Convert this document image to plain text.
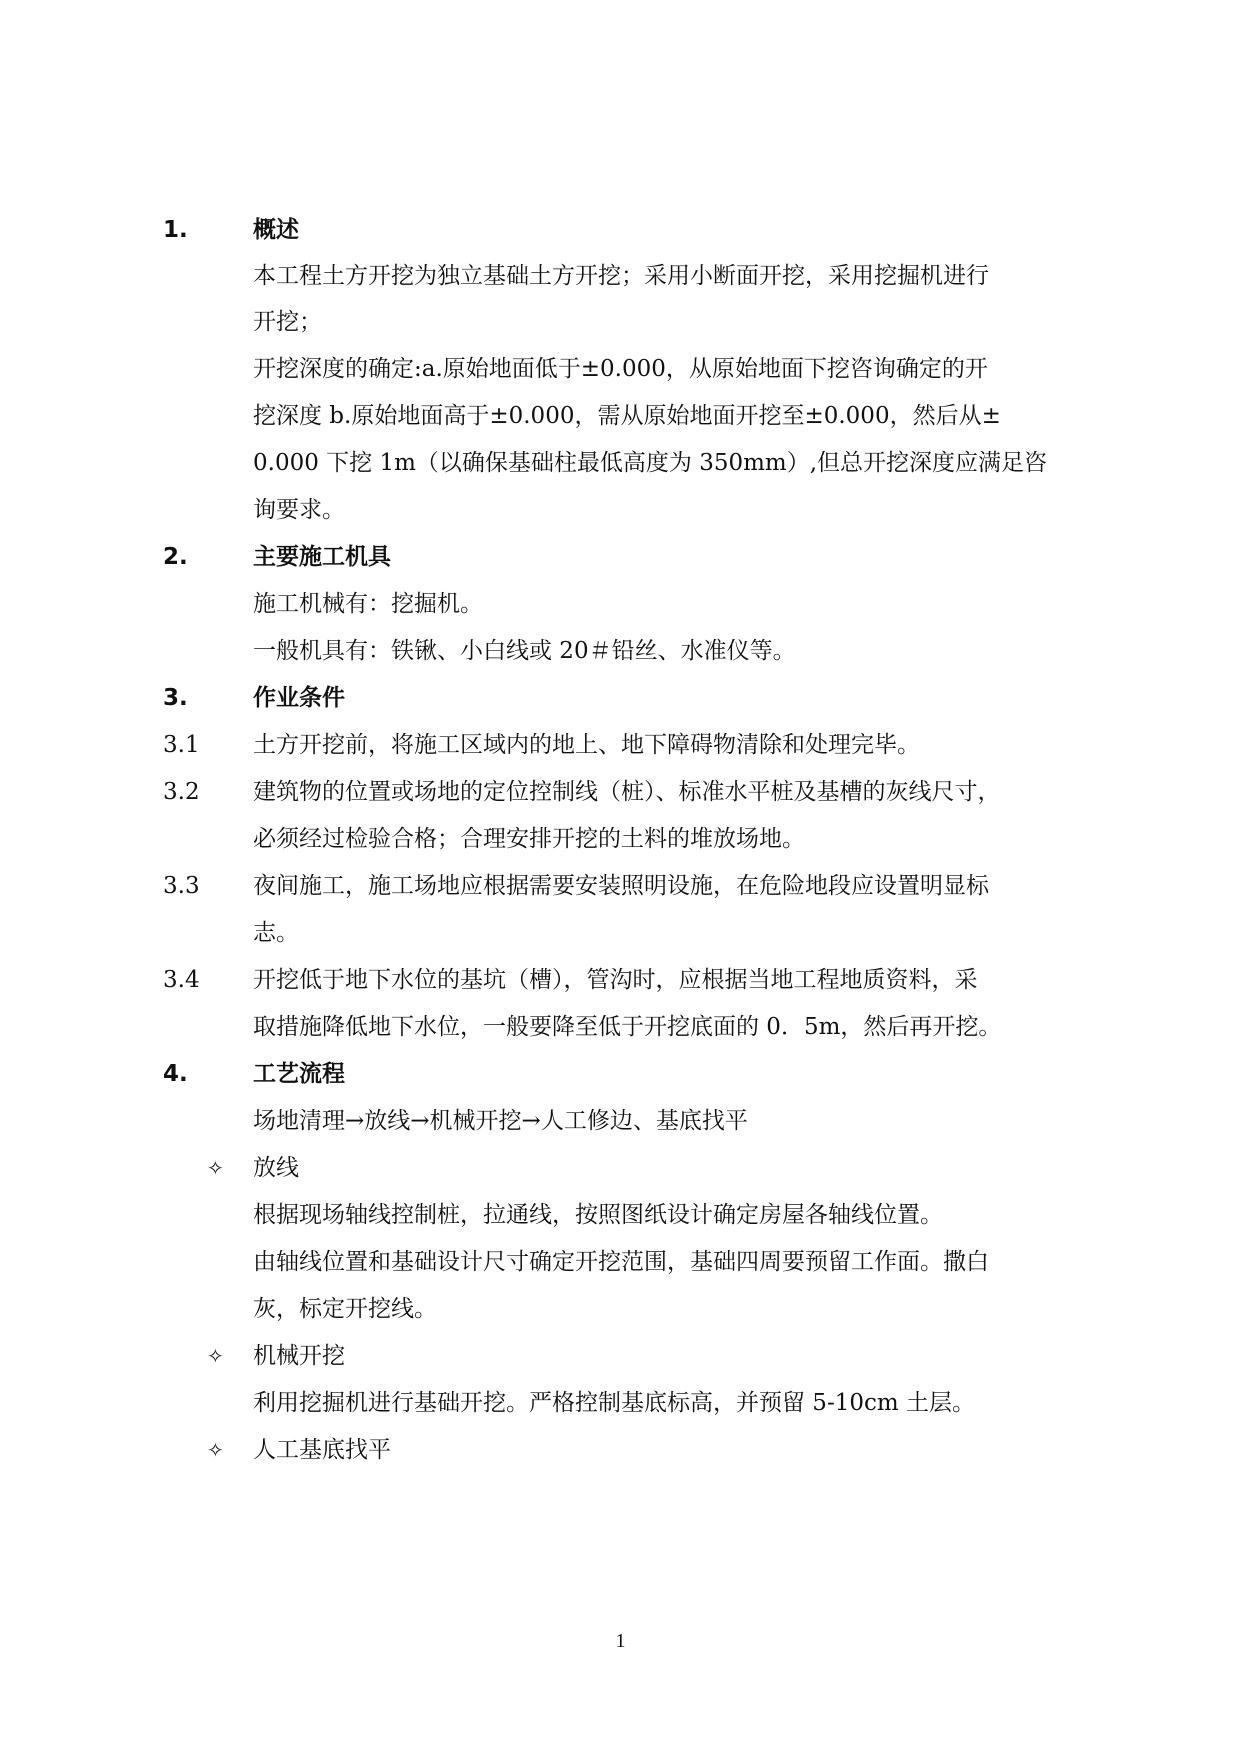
1.	概述
本工程土方开挖为独立基础土方开挖；采用小断面开挖，采用挖掘机进行
开挖；
开挖深度的确定:a.原始地面低于±0.000，从原始地面下挖咨询确定的开
挖深度 b.原始地面高于±0.000，需从原始地面开挖至±0.000，然后从±
0.000 下挖 1m（以确保基础柱最低高度为 350mm）,但总开挖深度应满足咨
询要求。
2.	主要施工机具
施工机械有：挖掘机。
一般机具有：铁锹、小白线或 20＃铅丝、水准仪等。
3.	作业条件
3.1 土方开挖前，将施工区域内的地上、地下障碍物清除和处理完毕。
3.2 建筑物的位置或场地的定位控制线（桩）、标准水平桩及基槽的灰线尺寸，
必须经过检验合格；合理安排开挖的土料的堆放场地。
3.3 夜间施工，施工场地应根据需要安装照明设施，在危险地段应设置明显标
志。
3.4 开挖低于地下水位的基坑（槽），管沟时，应根据当地工程地质资料，采
取措施降低地下水位，一般要降至低于开挖底面的 0．5m，然后再开挖。
4.	工艺流程
场地清理→放线→机械开挖→人工修边、基底找平
✧ 放线
根据现场轴线控制桩，拉通线，按照图纸设计确定房屋各轴线位置。
由轴线位置和基础设计尺寸确定开挖范围，基础四周要预留工作面。撒白
灰，标定开挖线。
✧ 机械开挖
利用挖掘机进行基础开挖。严格控制基底标高，并预留 5-10cm 土层。
✧ 人工基底找平
1
